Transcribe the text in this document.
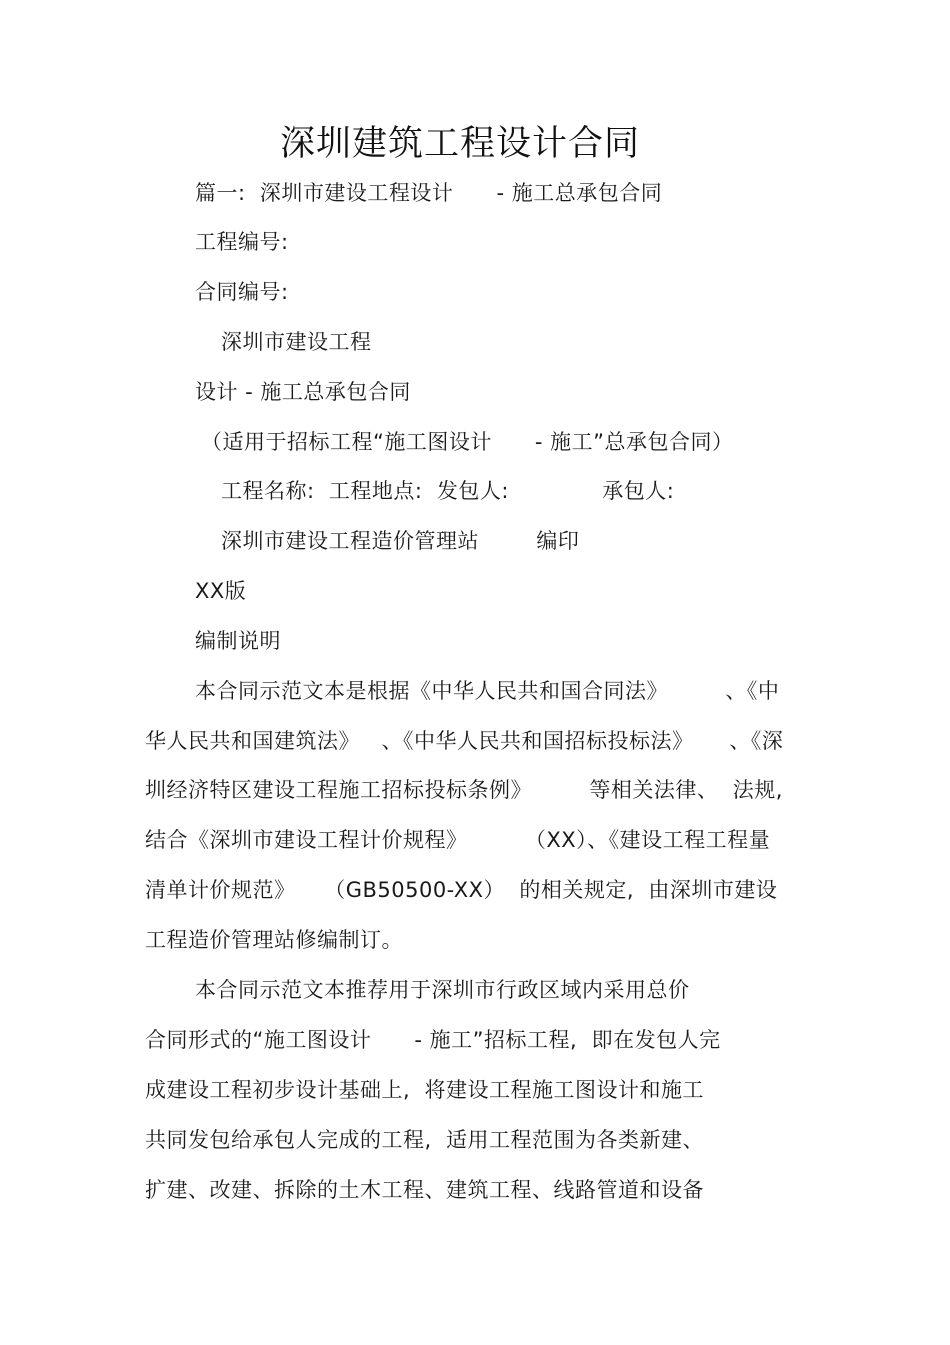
深圳建筑工程设计合同
篇一:  深圳市建设工程设计      - 施工总承包合同
工程编号:
合同编号:
深圳市建设工程
设计 - 施工总承包合同
（适用于招标工程“施工图设计      - 施工”总承包合同）
工程名称:  工程地点:  发包人:             承包人:
深圳市建设工程造价管理站        编印
XX版
编制说明
本合同示范文本是根据《中华人民共和国合同法》        、《中
华人民共和国建筑法》   、《中华人民共和国招标投标法》     、《深
圳经济特区建设工程施工招标投标条例》        等相关法律、  法规,
结合《深圳市建设工程计价规程》        （XX）、《建设工程工程量
清单计价规范》    （GB50500-XX）  的相关规定,  由深圳市建设
工程造价管理站修编制订。
本合同示范文本推荐用于深圳市行政区域内采用总价
合同形式的“施工图设计      - 施工”招标工程,  即在发包人完
成建设工程初步设计基础上,  将建设工程施工图设计和施工
共同发包给承包人完成的工程,  适用工程范围为各类新建、
扩建、改建、拆除的土木工程、建筑工程、线路管道和设备
